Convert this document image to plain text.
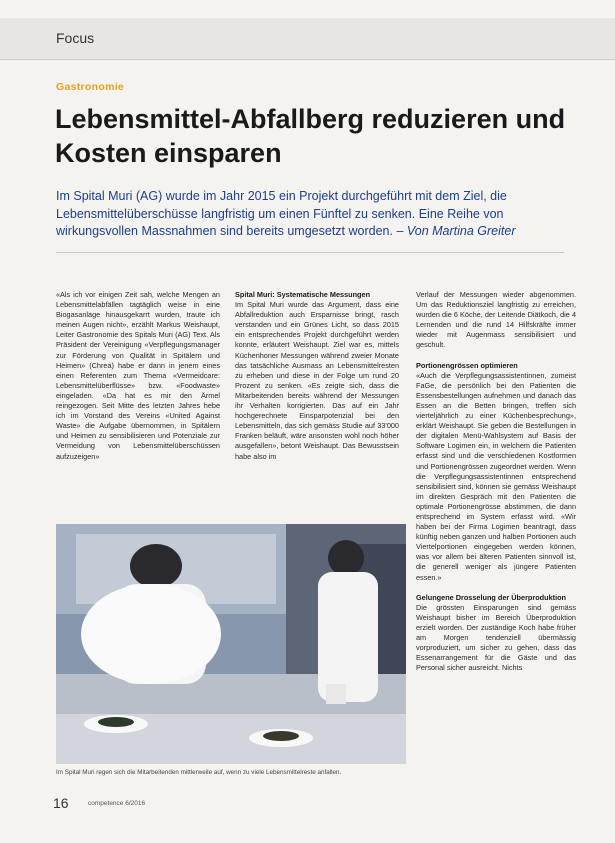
Focus
Gastronomie
Lebensmittel-Abfallberg reduzieren und Kosten einsparen

Im Spital Muri (AG) wurde im Jahr 2015 ein Projekt durchgeführt mit dem Ziel, die Lebensmittelüberschüsse langfristig um einen Fünftel zu senken. Eine Reihe von wirkungsvollen Massnahmen sind bereits umgesetzt worden. – Von Martina Greiter

«Als ich vor einigen Zeit sah, welche Mengen an Lebensmittelabfällen tagtäglich weise in eine Biogasanlage hinausgekarrt wurden, traute ich meinen Augen nicht», erzählt Markus Weishaupt, Leiter Gastronomie des Spitals Muri (AG) Text. Als Präsident der Vereinigung «Verpflegungsmanager zur Förderung von Qualität in Spitälern und Heimen» (Chrea) habe er dann in jenem eines einen Referenten zum Thema «Vermeidcare: Lebensmittelüberflüsse» bzw. «Foodwaste» eingeladen. «Da hat es mir den Ärmel reingezogen. Seit Mitte des letzten Jahres hebe ich im Vorstand des Vereins «United Against Waste» die Aufgabe übernommen, in Spitälern und Heimen zu sensibilisieren und Potenziale zur Vermeidung von Lebensmittelüberschüssen aufzuzeigen»

Spital Muri: Systematische Messungen

Im Spital Muri wurde das Argument, dass eine Abfallreduktion auch Ersparnisse bringt, rasch verstanden und ein Grünes Licht, so dass 2015 ein entsprechendes Projekt durchgeführt werden konnte, erläutert Weishaupt. Ziel war es, mittels Küchenhoner Messungen während zweier Monate das tatsächliche Ausmass an Lebensmittelresten zu erheben und diese in der Folge um rund 20 Prozent zu senken. «Es zeigte sich, dass die Mitarbeitenden bereits während der Messungen ihr Verhalten korrigierten. Das auf ein Jahr hochgerechnete Einsparpotenzial bei den Lebensmitteln, das sich gemäss Studie auf 33'000 Franken beläuft, wäre ansonsten wohl noch höher ausgefallen», betont Weishaupt. Das Bewusstsein habe also im

Verlauf der Messungen wieder abgenommen. Um das Reduktionsziel langfristig zu erreichen, wurden die 6 Köche, der Leitende Diätkoch, die 4 Lernenden und die rund 14 Hilfskräfte immer wieder mit Augenmass sensibilisiert und geschult.

Portionengrössen optimieren

«Auch die Verpflegungsassistentinnen, zumeist FaGe, die persönlich bei den Patienten die Essensbestellungen aufnehmen und danach das Essen an die Betten bringen, treffen sich vierteljährlich zu einer Küchenbesprechung», erklärt Weishaupt. Sie geben die Bestellungen in der digitalen Menü-Wahlsystem auf Basis der Software Logimen ein, in welchem die Patienten erfasst sind und die verschiedenen Kostformen und Portionengrössen zugeordnet werden. Wenn die Verpflegungsassistentinnen entsprechend sensibilisiert sind, können sie gemäss Weishaupt im direkten Gespräch mit den Patienten die optimale Portionengrösse abstimmen, die dann entsprechend im System erfasst wird. «Wir haben bei der Firma Logimen beantragt, dass künftig neben ganzen und halben Portionen auch Viertelportionen eingegeben werden können, was vor allem bei älteren Patienten sinnvoll ist, die generell weniger als jüngere Patienten essen.»

Gelungene Drosselung der Überproduktion

Die grössten Einsparungen sind gemäss Weishaupt bisher im Bereich Überproduktion erzielt worden. Der zuständige Koch habe früher am Morgen tendenziell übermässig vorproduziert, um sicher zu gehen, dass das Essenarrangement für die Gäste und das Personal sicher ausreicht. Nichts

Im Spital Muri regen sich die Mitarbeitenden mittlerweile auf, wenn zu viele Lebensmittelreste anfallen.
16	competence 6/2016
